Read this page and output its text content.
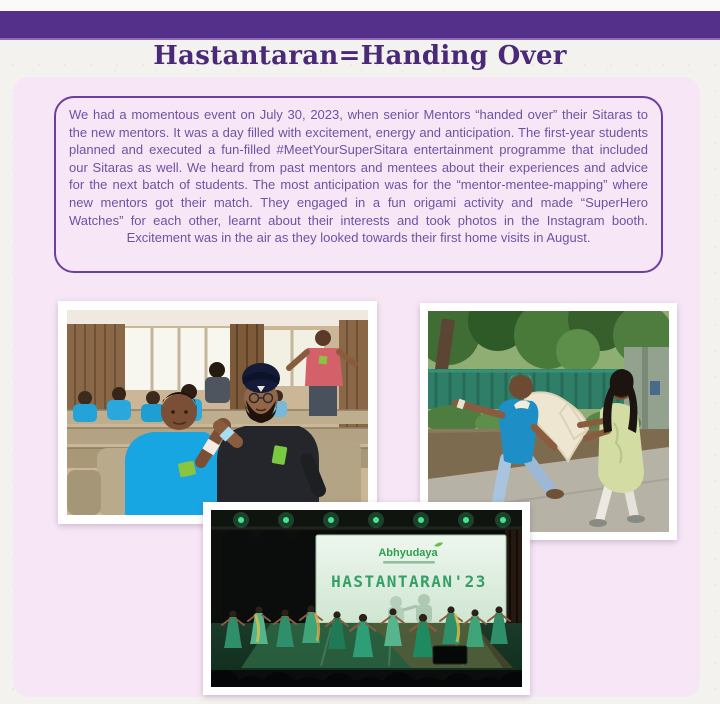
Hastantaran=Handing Over

We had a momentous event on July 30, 2023, when senior Mentors “handed over” their Sitaras to the new mentors. It was a day filled with excitement, energy and anticipation. The first-year students planned and executed a fun-filled #MeetYourSuperSitara entertainment programme that included our Sitaras as well. We heard from past mentors and mentees about their experiences and advice for the next batch of students. The most anticipation was for the “mentor-mentee-mapping” where new mentors got their match. They engaged in a fun origami activity and made “SuperHero Watches” for each other, learnt about their interests and took photos in the Instagram booth. Excitement was in the air as they looked towards their first home visits in August.

Abhyudaya
HASTANTARAN'23
